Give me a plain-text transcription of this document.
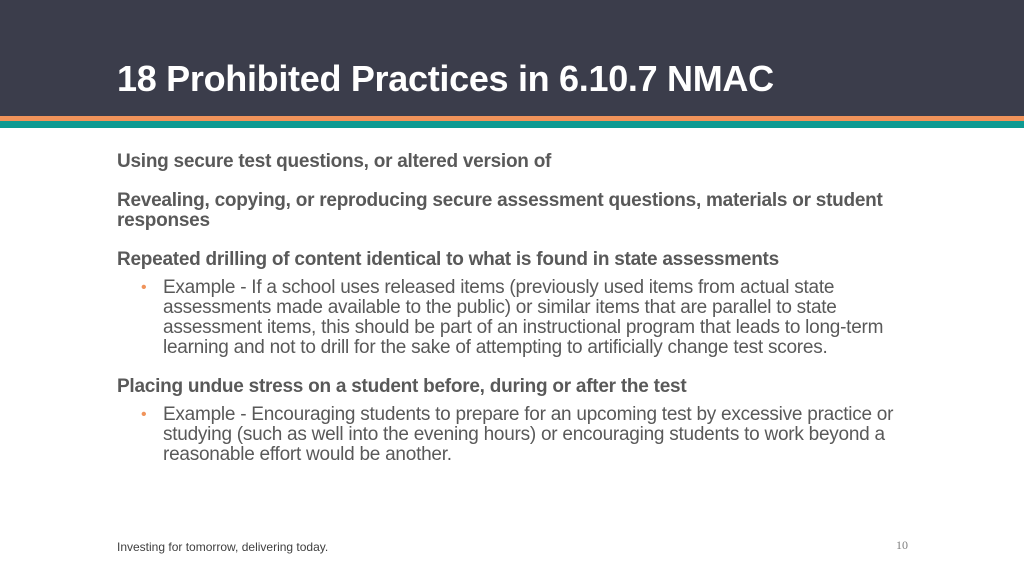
18 Prohibited Practices in 6.10.7 NMAC

Using secure test questions, or altered version of

Revealing, copying, or reproducing secure assessment questions, materials or student responses

Repeated drilling of content identical to what is found in state assessments

• Example - If a school uses released items (previously used items from actual state assessments made available to the public) or similar items that are parallel to state assessment items, this should be part of an instructional program that leads to long-term learning and not to drill for the sake of attempting to artificially change test scores.

Placing undue stress on a student before, during or after the test

• Example - Encouraging students to prepare for an upcoming test by excessive practice or studying (such as well into the evening hours) or encouraging students to work beyond a reasonable effort would be another.
Investing for tomorrow, delivering today.	10
